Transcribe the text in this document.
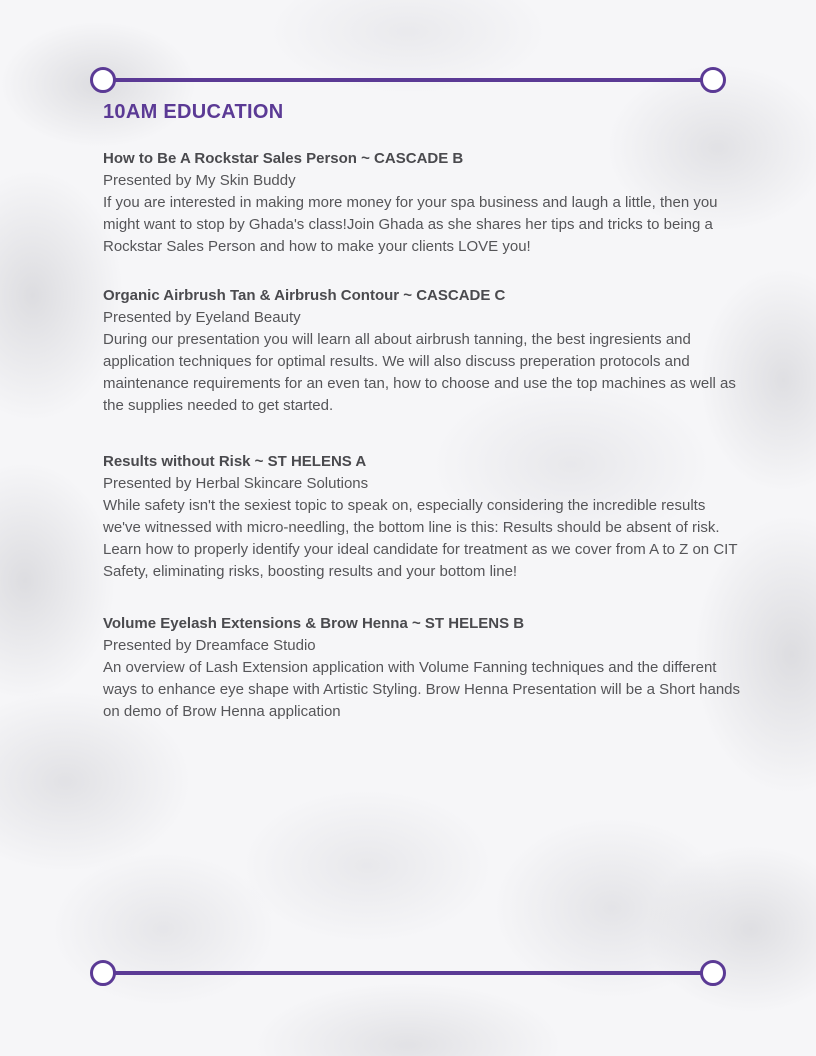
10AM EDUCATION
How to Be A Rockstar Sales Person ~ CASCADE B
Presented by My Skin Buddy

If you are interested in making more money for your spa business and laugh a little, then you might want to stop by Ghada's class!Join Ghada as she shares her tips and tricks to being a Rockstar Sales Person and how to make your clients LOVE you!

Organic Airbrush Tan & Airbrush Contour ~ CASCADE C
Presented by Eyeland Beauty

During our presentation you will learn all about airbrush tanning, the best ingresients and application techniques for optimal results. We will also discuss preperation protocols and maintenance requirements for an even tan, how to choose and use the top machines as well as the supplies needed to get started.

Results without Risk ~ ST HELENS A
Presented by Herbal Skincare Solutions

While safety isn't the sexiest topic to speak on, especially considering the incredible results we've witnessed with micro-needling, the bottom line is this: Results should be absent of risk. Learn how to properly identify your ideal candidate for treatment as we cover from A to Z on CIT Safety, eliminating risks, boosting results and your bottom line!

Volume Eyelash Extensions & Brow Henna ~ ST HELENS B
Presented by Dreamface Studio

An overview of Lash Extension application with Volume Fanning techniques and the different ways to enhance eye shape with Artistic Styling. Brow Henna Presentation will be a Short hands on demo of Brow Henna application
